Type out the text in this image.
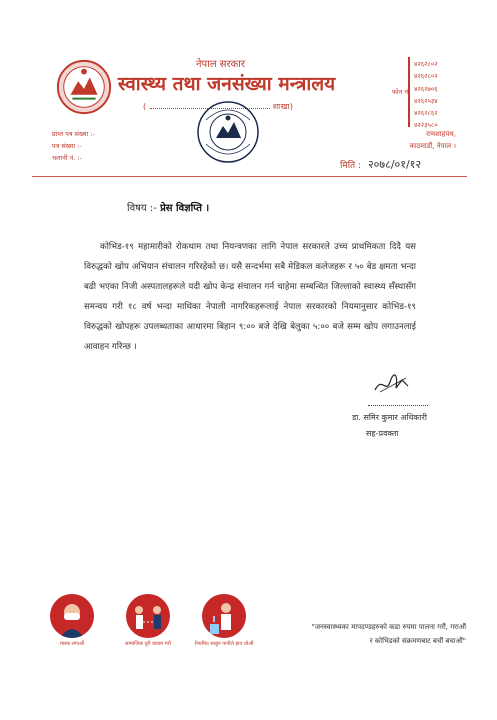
नेपाल सरकार
स्वास्थ्य तथा जनसंख्या मन्त्रालय
(	शाखा)
फोन नं.
४२६२८०२
४२६२८०२
४२६२७०६
४२६२५३४
४२६२८६२
४२२३५८०
प्राप्त पत्र संख्या :-
पत्र संख्या :-
चलानी नं. :-
रामशाहपथ,
काठमाडौं, नेपाल ।
मिति : २०७८/०१/१२
विषय :- प्रेस विज्ञप्ति ।
कोभिड-१९ महामारीको रोकथाम तथा नियन्त्रणका लागि नेपाल सरकारले उच्च प्राथमिकता दिदै यस विरुद्धको खोप अभियान संचालन गरिरहेको छ। यसै सन्दर्भमा सबै मेडिकल कलेजहरू र ५० बेड क्षमता भन्दा बढी भएका निजी अस्पतालहरूले यदी खोप केन्द्र संचालन गर्न चाहेमा सम्बन्धित जिल्लाको स्वास्थ्य सँस्थासँग समन्वय गरी १८ वर्ष भन्दा माथिका नेपाली नागरिकहरूलाई नेपाल सरकारको नियमानुसार कोभिड-१९ विरुद्धको खोपहरू उपलब्धताका आधारमा बिहान ९:०० बजे देखि बेलुका ५:०० बजे सम्म खोप लगाउनलाई आवाहन गरिन्छ ।
डा. समिर कुमार अधिकारी
सह-प्रवक्ता
मास्क लगाऔं	सामाजिक दूरी कायम गरौं	नियमित साबुन पानीले हात धोऔं
"जनस्वास्थ्यका मापदण्डहरुको कडा रुपमा पालना गरौं, गराऔं
र कोभिडको संक्रमणबाट बचौं बचाऔं"
